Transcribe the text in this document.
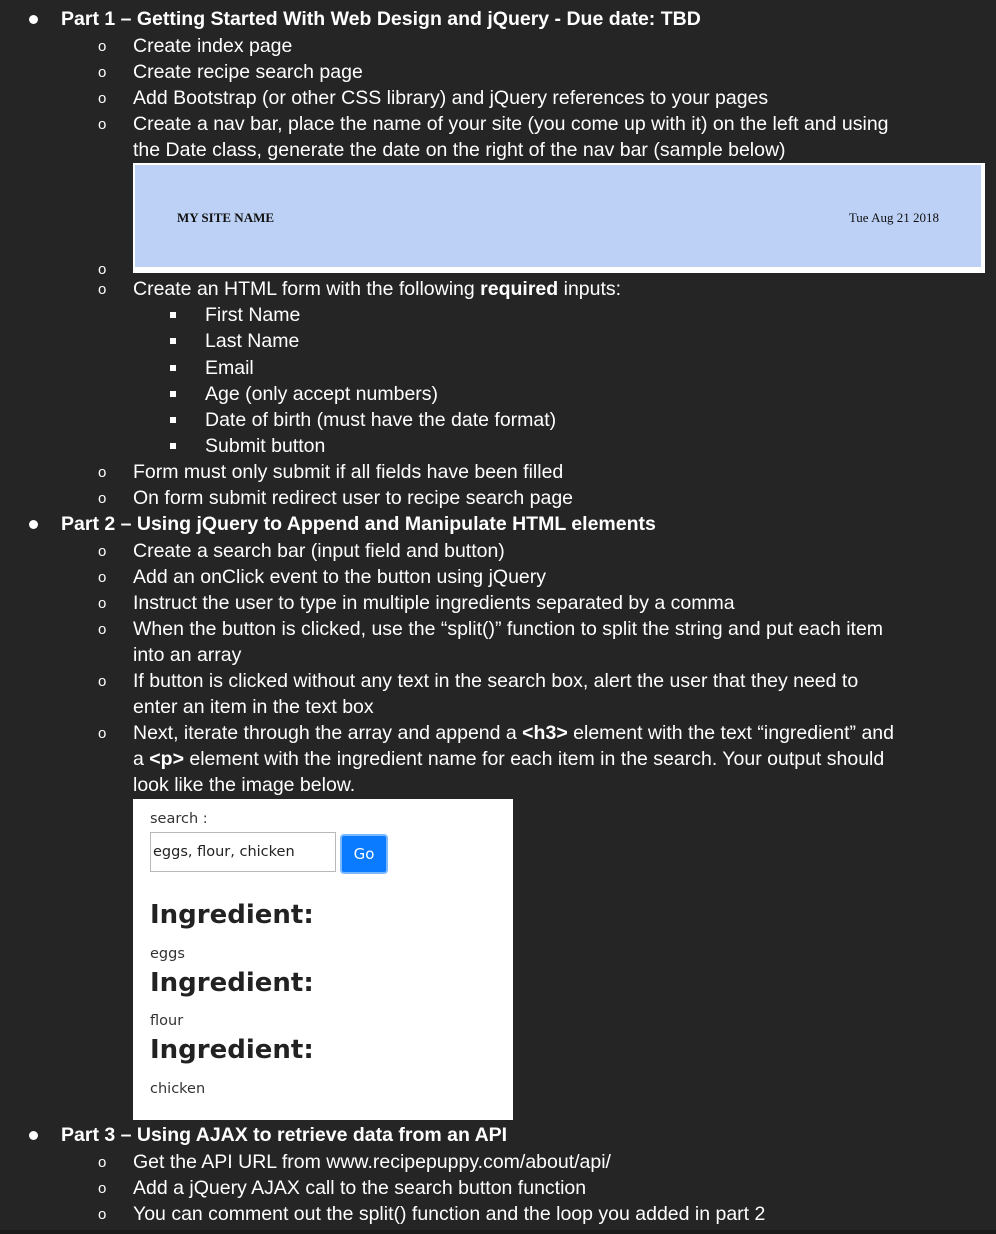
Part 1 – Getting Started With Web Design and jQuery - Due date: TBD
o Create index page
o Create recipe search page
o Add Bootstrap (or other CSS library) and jQuery references to your pages
o Create a nav bar, place the name of your site (you come up with it) on the left and using
the Date class, generate the date on the right of the nav bar (sample below)
MY SITE NAME	Tue Aug 21 2018
o
o Create an HTML form with the following required inputs:
First Name
Last Name
Email
Age (only accept numbers)
Date of birth (must have the date format)
Submit button
o Form must only submit if all fields have been filled
o On form submit redirect user to recipe search page
Part 2 – Using jQuery to Append and Manipulate HTML elements
o Create a search bar (input field and button)
o Add an onClick event to the button using jQuery
o Instruct the user to type in multiple ingredients separated by a comma
o When the button is clicked, use the “split()” function to split the string and put each item
into an array
o If button is clicked without any text in the search box, alert the user that they need to
enter an item in the text box
o Next, iterate through the array and append a <h3> element with the text “ingredient” and
a <p> element with the ingredient name for each item in the search. Your output should
look like the image below.
search :
eggs, flour, chicken	Go
Ingredient:
eggs
Ingredient:
flour
Ingredient:
chicken
Part 3 – Using AJAX to retrieve data from an API
o Get the API URL from www.recipepuppy.com/about/api/
o Add a jQuery AJAX call to the search button function
o You can comment out the split() function and the loop you added in part 2
